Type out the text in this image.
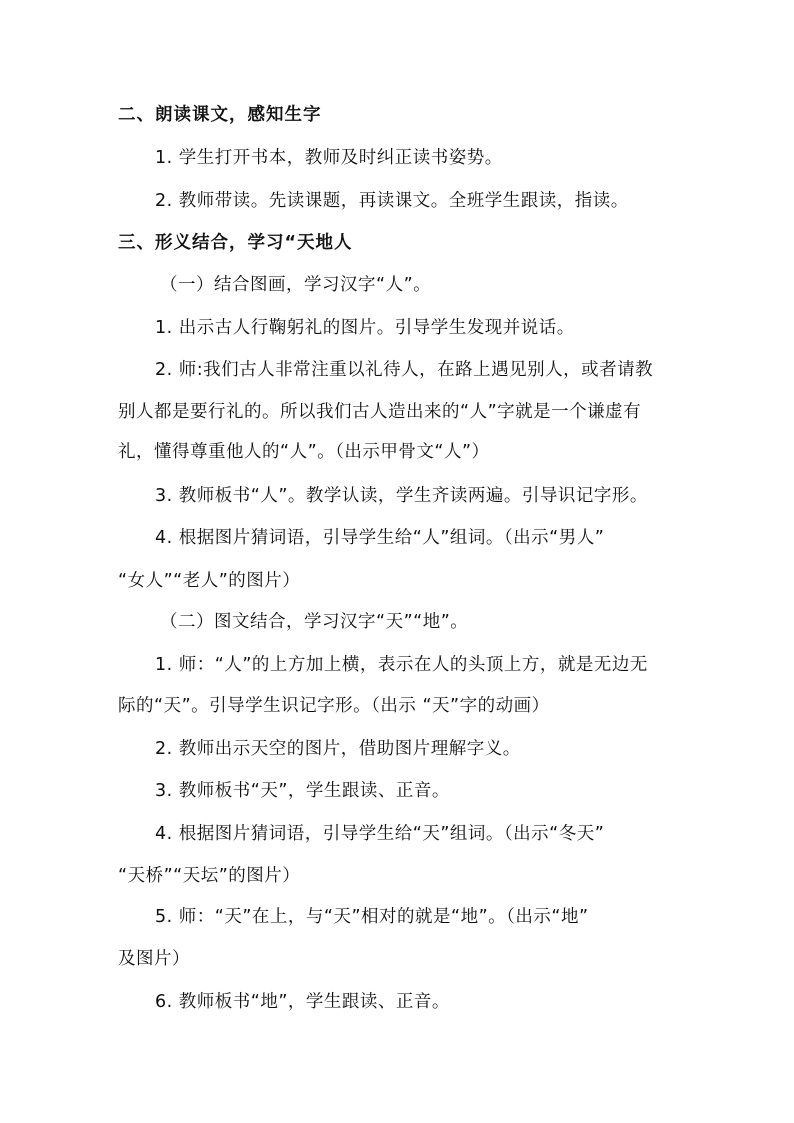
二、朗读课文，感知生字
1. 学生打开书本，教师及时纠正读书姿势。
2. 教师带读。先读课题，再读课文。全班学生跟读，指读。
三、形义结合，学习“天地人
（一）结合图画，学习汉字“人”。
1. 出示古人行鞠躬礼的图片。引导学生发现并说话。
2. 师:我们古人非常注重以礼待人，在路上遇见别人，或者请教
别人都是要行礼的。所以我们古人造出来的“人”字就是一个谦虚有
礼，懂得尊重他人的“人”。（出示甲骨文“人”）
3. 教师板书“人”。教学认读，学生齐读两遍。引导识记字形。
4. 根据图片猜词语，引导学生给“人”组词。（出示“男人”
“女人”“老人”的图片）
（二）图文结合，学习汉字“天”“地”。
1. 师：“人”的上方加上横，表示在人的头顶上方，就是无边无
际的“天”。引导学生识记字形。（出示 “天”字的动画）
2. 教师出示天空的图片，借助图片理解字义。
3. 教师板书“天”，学生跟读、正音。
4. 根据图片猜词语，引导学生给“天”组词。（出示“冬天”
“天桥”“天坛”的图片）
5. 师：“天”在上，与“天”相对的就是“地”。（出示“地”
及图片）
6. 教师板书“地”，学生跟读、正音。
